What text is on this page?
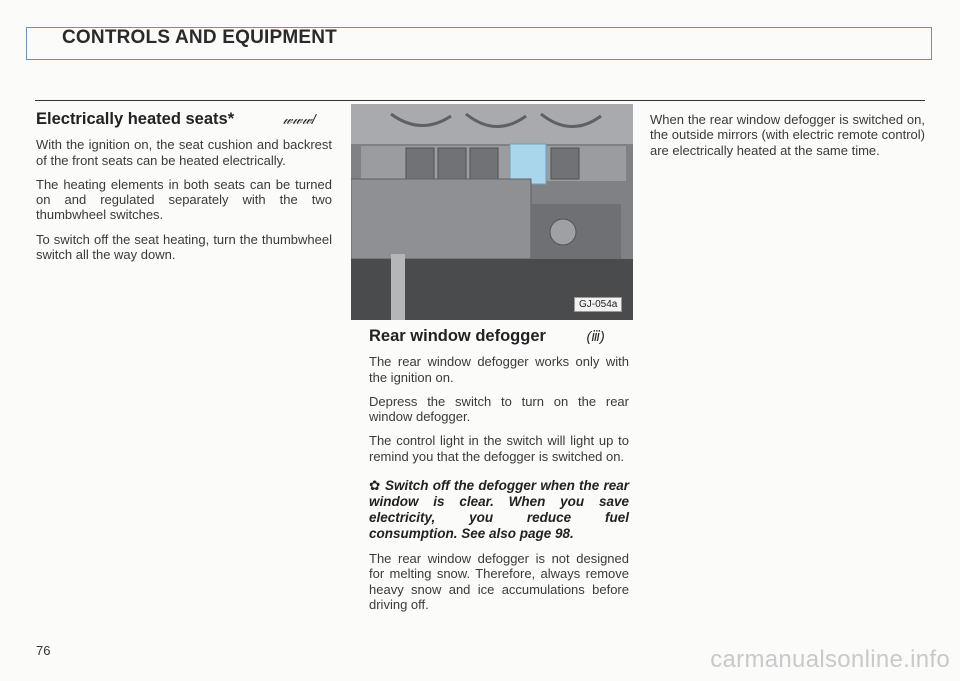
CONTROLS AND EQUIPMENT
Electrically heated seats*	𝓌𝓌𝓌/

With the ignition on, the seat cushion and backrest of the front seats can be heated electrically.

The heating elements in both seats can be turned on and regulated separately with the two thumbwheel switches.

To switch off the seat heating, turn the thumbwheel switch all the way down.

GJ-054a
Rear window defogger	(⁠⁠⁠ⅲ)

The rear window defogger works only with the ignition on.

Depress the switch to turn on the rear window defogger.

The control light in the switch will light up to remind you that the defogger is switched on.

✿ Switch off the defogger when the rear window is clear. When you save electricity, you reduce fuel consumption. See also page 98.

The rear window defogger is not designed for melting snow. Therefore, always remove heavy snow and ice accumulations before driving off.

When the rear window defogger is switched on, the outside mirrors (with electric remote control) are electrically heated at the same time.

76	carmanualsonline.info
